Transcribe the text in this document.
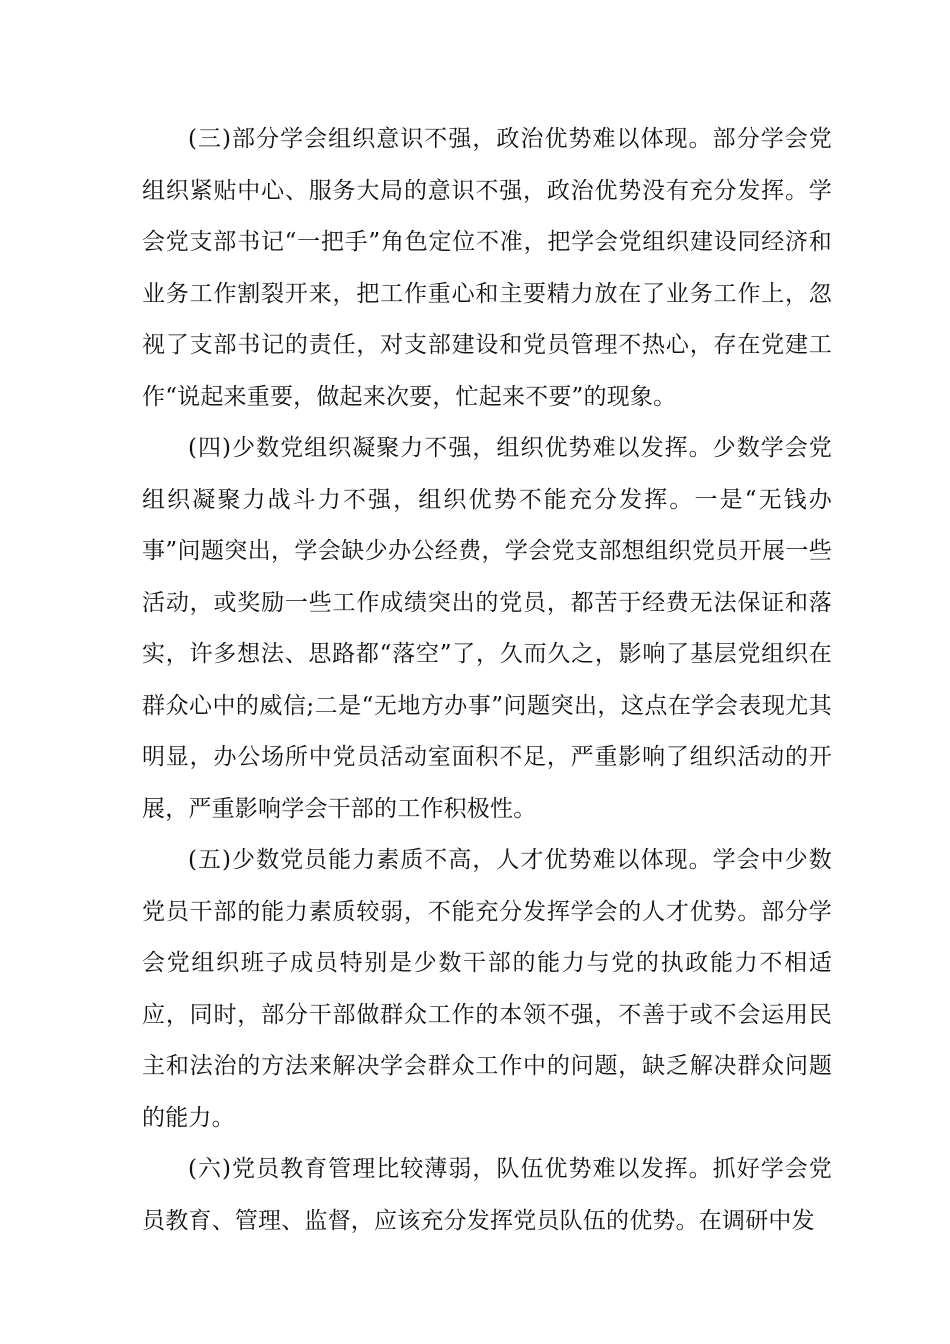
(三)部分学会组织意识不强，政治优势难以体现。部分学会党组织紧贴中心、服务大局的意识不强，政治优势没有充分发挥。学会党支部书记“一把手”角色定位不准，把学会党组织建设同经济和业务工作割裂开来，把工作重心和主要精力放在了业务工作上，忽视了支部书记的责任，对支部建设和党员管理不热心，存在党建工作“说起来重要，做起来次要，忙起来不要”的现象。

(四)少数党组织凝聚力不强，组织优势难以发挥。少数学会党组织凝聚力战斗力不强，组织优势不能充分发挥。一是“无钱办事”问题突出，学会缺少办公经费，学会党支部想组织党员开展一些活动，或奖励一些工作成绩突出的党员，都苦于经费无法保证和落实，许多想法、思路都“落空”了，久而久之，影响了基层党组织在群众心中的威信;二是“无地方办事”问题突出，这点在学会表现尤其明显，办公场所中党员活动室面积不足，严重影响了组织活动的开展，严重影响学会干部的工作积极性。

(五)少数党员能力素质不高，人才优势难以体现。学会中少数党员干部的能力素质较弱，不能充分发挥学会的人才优势。部分学会党组织班子成员特别是少数干部的能力与党的执政能力不相适应，同时，部分干部做群众工作的本领不强，不善于或不会运用民主和法治的方法来解决学会群众工作中的问题，缺乏解决群众问题的能力。

(六)党员教育管理比较薄弱，队伍优势难以发挥。抓好学会党员教育、管理、监督，应该充分发挥党员队伍的优势。在调研中发
